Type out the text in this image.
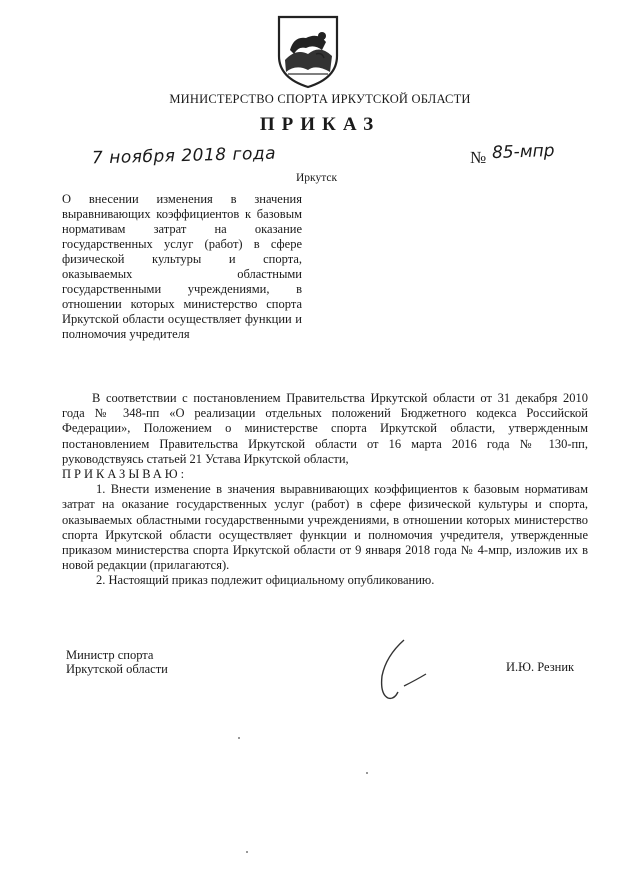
МИНИСТЕРСТВО СПОРТА ИРКУТСКОЙ ОБЛАСТИ
ПРИКАЗ
7 ноября 2018 года	№ 85-мпр
Иркутск
О внесении изменения в значения выравнивающих коэффициентов к базовым нормативам затрат на оказание государственных услуг (работ) в сфере физической культуры и спорта, оказываемых областными государственными учреждениями, в отношении которых министерство спорта Иркутской области осуществляет функции и полномочия учредителя

В соответствии с постановлением Правительства Иркутской области от 31 декабря 2010 года № 348-пп «О реализации отдельных положений Бюджетного кодекса Российской Федерации», Положением о министерстве спорта Иркутской области, утвержденным постановлением Правительства Иркутской области от 16 марта 2016 года № 130-пп, руководствуясь статьей 21 Устава Иркутской области,

ПРИКАЗЫВАЮ:

1. Внести изменение в значения выравнивающих коэффициентов к базовым нормативам затрат на оказание государственных услуг (работ) в сфере физической культуры и спорта, оказываемых областными государственными учреждениями, в отношении которых министерство спорта Иркутской области осуществляет функции и полномочия учредителя, утвержденные приказом министерства спорта Иркутской области от 9 января 2018 года № 4-мпр, изложив их в новой редакции (прилагаются).

2. Настоящий приказ подлежит официальному опубликованию.

Министр спорта
Иркутской области	И.Ю. Резник
